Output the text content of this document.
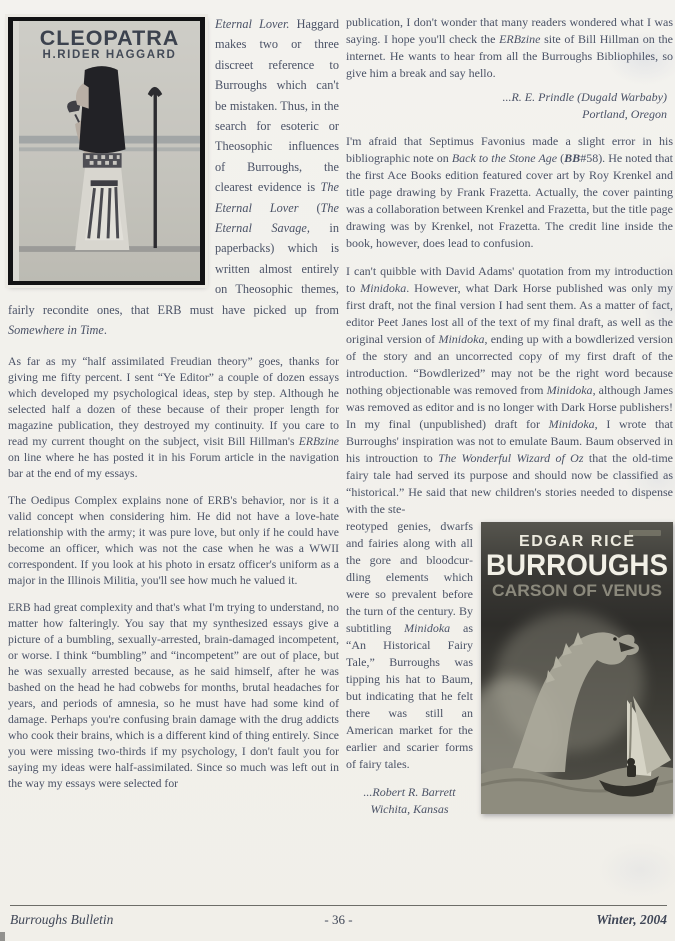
CLEOPATRA
H.RIDER HAGGARD

Eternal Lover. Haggard makes two or three discreet reference to Burroughs which can't be mistaken. Thus, in the search for esoteric or Theosophic influences of Burroughs, the clearest evidence is The Eternal Lover (The Eternal Savage, in paperbacks) which is written almost entirely on Theosophic themes, fairly recondite ones, that ERB must have picked up from Somewhere in Time.

As far as my “half assimilated Freudian theory” goes, thanks for giving me fifty percent. I sent “Ye Editor” a couple of dozen essays which developed my psychological ideas, step by step. Although he selected half a dozen of these because of their proper length for magazine publication, they destroyed my continuity. If you care to read my current thought on the subject, visit Bill Hillman's ERBzine on line where he has posted it in his Forum article in the navigation bar at the end of my essays.

The Oedipus Complex explains none of ERB's behavior, nor is it a valid concept when considering him. He did not have a love-hate relationship with the army; it was pure love, but only if he could have become an officer, which was not the case when he was a WWII correspondent. If you look at his photo in ersatz officer's uniform as a major in the Illinois Militia, you'll see how much he valued it.

ERB had great complexity and that's what I'm trying to understand, no matter how falteringly. You say that my synthesized essays give a picture of a bumbling, sexually-arrested, brain-damaged incompetent, or worse. I think “bumbling” and “incompetent” are out of place, but he was sexually arrested because, as he said himself, after he was bashed on the head he had cobwebs for months, brutal headaches for years, and periods of amnesia, so he must have had some kind of damage. Perhaps you're confusing brain damage with the drug addicts who cook their brains, which is a different kind of thing entirely. Since you were missing two-thirds if my psychology, I don't fault you for saying my ideas were half-assimilated. Since so much was left out in the way my essays were selected for

publication, I don't wonder that many readers wondered what I was saying. I hope you'll check the ERBzine site of Bill Hillman on the internet. He wants to hear from all the Burroughs Bibliophiles, so give him a break and say hello.

...R. E. Prindle (Dugald Warbaby)
Portland, Oregon

I'm afraid that Septimus Favonius made a slight error in his bibliographic note on Back to the Stone Age (BB#58). He noted that the first Ace Books edition featured cover art by Roy Krenkel and title page drawing by Frank Frazetta. Actually, the cover painting was a collaboration between Krenkel and Frazetta, but the title page drawing was by Krenkel, not Frazetta. The credit line inside the book, however, does lead to confusion.

I can't quibble with David Adams' quotation from my introduction to Minidoka. However, what Dark Horse published was only my first draft, not the final version I had sent them. As a matter of fact, editor Peet Janes lost all of the text of my final draft, as well as the original version of Minidoka, ending up with a bowdlerized version of the story and an uncorrected copy of my first draft of the introduction. “Bowdlerized” may not be the right word because nothing objectionable was removed from Minidoka, although James was removed as editor and is no longer with Dark Horse publishers! In my final (unpublished) draft for Minidoka, I wrote that Burroughs' inspiration was not to emulate Baum. Baum observed in his introuction to The Wonderful Wizard of Oz that the old-time fairy tale had served its purpose and should now be classified as “historical.” He said that new children's stories needed to dispense with the ste-

EDGAR RICE
BURROUGHS
CARSON OF VENUS

reotyped genies, dwarfs and fairies along with all the gore and bloodcurdling elements which were so prevalent before the turn of the century. By subtitling Minidoka as “An Historical Fairy Tale,” Burroughs was tipping his hat to Baum, but indicating that he felt there was still an American market for the earlier and scarier forms of fairy tales.

...Robert R. Barrett
Wichita, Kansas
Burroughs Bulletin	- 36 -	Winter, 2004
